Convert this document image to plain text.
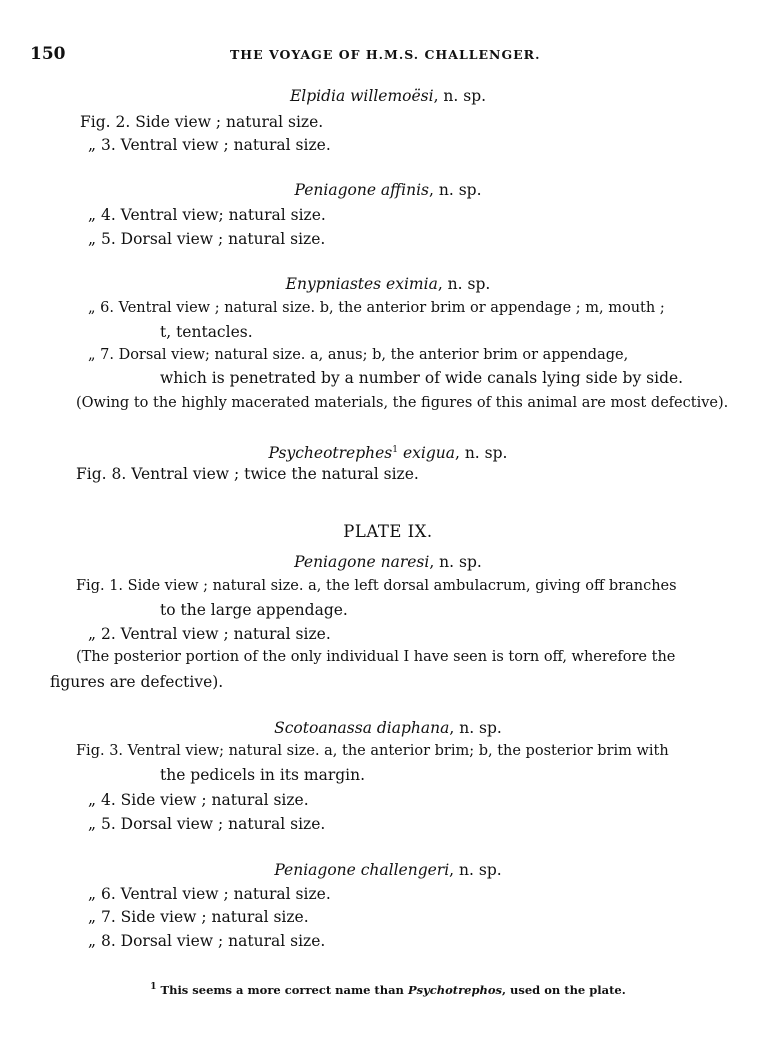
150	THE VOYAGE OF H.M.S. CHALLENGER.
Elpidia willemoësi, n. sp.
Fig. 2. Side view ; natural size.
„ 3. Ventral view ; natural size.
Peniagone affinis, n. sp.
„ 4. Ventral view; natural size.
„ 5. Dorsal view ; natural size.
Enypniastes eximia, n. sp.
„ 6. Ventral view ; natural size. b, the anterior brim or appendage ; m, mouth ;
t, tentacles.
„ 7. Dorsal view; natural size. a, anus; b, the anterior brim or appendage,
which is penetrated by a number of wide canals lying side by side.
(Owing to the highly macerated materials, the figures of this animal are most defective).
Psycheotrephes$^1$ exigua, n. sp.
Fig. 8. Ventral view ; twice the natural size.
PLATE IX.
Peniagone naresi, n. sp.
Fig. 1. Side view ; natural size. a, the left dorsal ambulacrum, giving off branches
to the large appendage.
„ 2. Ventral view ; natural size.
(The posterior portion of the only individual I have seen is torn off, wherefore the
figures are defective).
Scotoanassa diaphana, n. sp.
Fig. 3. Ventral view; natural size. a, the anterior brim; b, the posterior brim with
the pedicels in its margin.
„ 4. Side view ; natural size.
„ 5. Dorsal view ; natural size.
Peniagone challengeri, n. sp.
„ 6. Ventral view ; natural size.
„ 7. Side view ; natural size.
„ 8. Dorsal view ; natural size.
$^1$ This seems a more correct name than Psychotrephos, used on the plate.
